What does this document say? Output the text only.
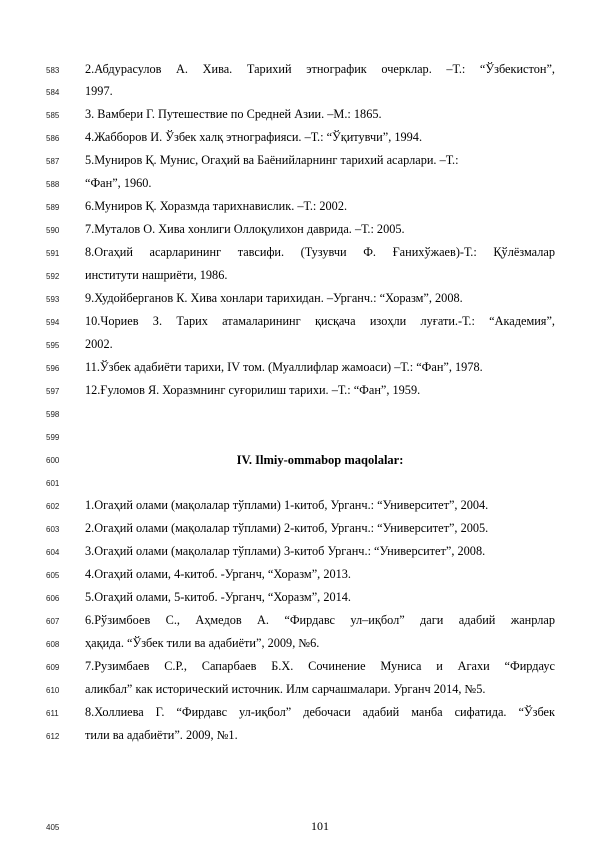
583
584
585
586
587
588
589
590
591
592
593
594
595
596
597
598
599
600
601
602
603
604
605
606
607
608
609
610
611
612
405
2.Абдурасулов А. Хива. Тарихий этнографик очерклар. –Т.: “Ўзбекистон”,
1997.
3. Вамбери Г. Путешествие по Средней Азии. –М.: 1865.
4.Жабборов И. Ўзбек халқ этнографияси. –Т.: “Ўқитувчи”, 1994.
5.Муниров Қ. Мунис, Огаҳий ва Баёнийларнинг тарихий асарлари. –Т.:
“Фан”, 1960.
6.Муниров Қ. Хоразмда тарихнавислик. –Т.: 2002.
7.Муталов О. Хива хонлиги Оллоқулихон даврида. –Т.: 2005.
8.Огаҳий асарларининг тавсифи. (Тузувчи Ф. Ғаниxўжаев)-Т.: Қўлёзмалар
институти нашриёти, 1986.
9.Худойберганов К. Хива хонлари тарихидан. –Урганч.: “Хоразм”, 2008.
10.Чориев З. Тарих атамаларининг қисқача изоҳли луғати.-Т.: “Академия”,
2002.
11.Ўзбек адабиёти тарихи, IV том. (Муаллифлар жамоаси) –Т.: “Фан”, 1978.
12.Ғуломов Я. Хоразмнинг суғорилиш тарихи. –Т.: “Фан”, 1959.
IV. Ilmiy-ommabop maqolalar:
1.Огаҳий олами (мақолалар тўплами) 1-китоб, Урганч.: “Университет”, 2004.
2.Огаҳий олами (мақолалар тўплами) 2-китоб, Урганч.: “Университет”, 2005.
3.Огаҳий олами (мақолалар тўплами) 3-китоб Урганч.: “Университет”, 2008.
4.Огаҳий олами, 4-китоб. -Урганч, “Хоразм”, 2013.
5.Огаҳий олами, 5-китоб. -Урганч, “Хоразм”, 2014.
6.Рўзимбоев С., Аҳмедов А. “Фирдавс ул–иқбол” даги адабий жанрлар
ҳақида. “Ўзбек тили ва адабиёти”, 2009, №6.
7.Рузимбаев С.Р., Сапарбаев Б.Х. Сочинение Муниса и Агахи “Фирдаус
аликбал” как исторический источник. Илм сарчашмалари. Урганч 2014, №5.
8.Холлиева Г. “Фирдавс ул-иқбол” дебочаси адабий манба сифатида. “Ўзбек
тили ва адабиёти”. 2009, №1.
101
